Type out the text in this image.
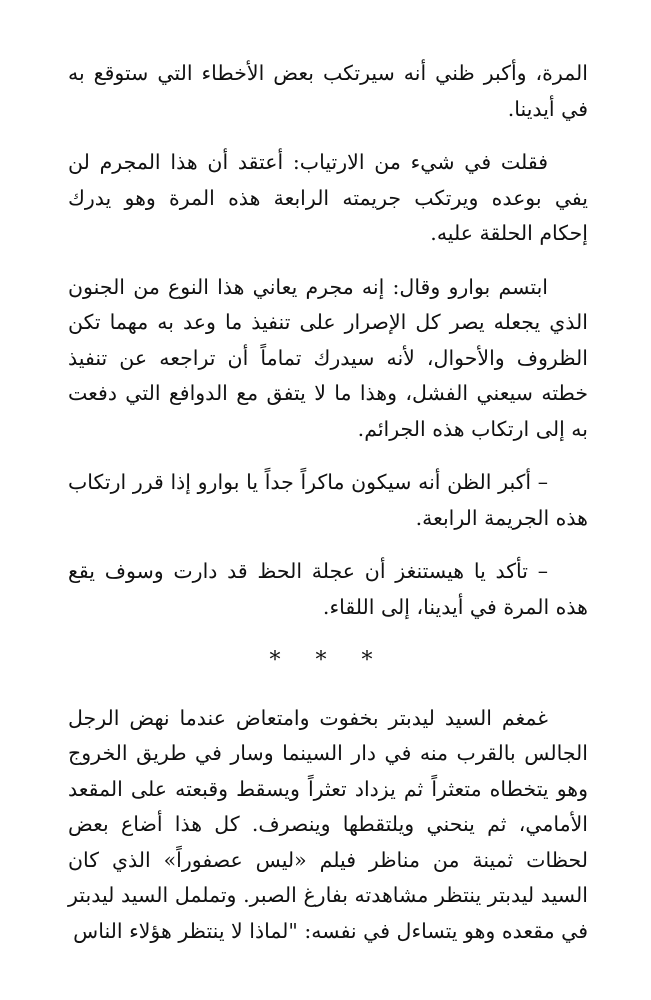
المرة، وأكبر ظني أنه سيرتكب بعض الأخطاء التي ستوقع به في أيدينا.

فقلت في شيء من الارتياب: أعتقد أن هذا المجرم لن يفي بوعده ويرتكب جريمته الرابعة هذه المرة وهو يدرك إحكام الحلقة عليه.

ابتسم بوارو وقال: إنه مجرم يعاني هذا النوع من الجنون الذي يجعله يصر كل الإصرار على تنفيذ ما وعد به مهما تكن الظروف والأحوال، لأنه سيدرك تماماً أن تراجعه عن تنفيذ خطته سيعني الفشل، وهذا ما لا يتفق مع الدوافع التي دفعت به إلى ارتكاب هذه الجرائم.

– أكبر الظن أنه سيكون ماكراً جداً يا بوارو إذا قرر ارتكاب هذه الجريمة الرابعة.

– تأكد يا هيستنغز أن عجلة الحظ قد دارت وسوف يقع هذه المرة في أيدينا، إلى اللقاء.

* * *

غمغم السيد ليدبتر بخفوت وامتعاض عندما نهض الرجل الجالس بالقرب منه في دار السينما وسار في طريق الخروج وهو يتخطاه متعثراً ثم يزداد تعثراً ويسقط وقبعته على المقعد الأمامي، ثم ينحني ويلتقطها وينصرف. كل هذا أضاع بعض لحظات ثمينة من مناظر فيلم «ليس عصفوراً» الذي كان السيد ليدبتر ينتظر مشاهدته بفارغ الصبر. وتململ السيد ليدبتر في مقعده وهو يتساءل في نفسه: "لماذا لا ينتظر هؤلاء الناس
